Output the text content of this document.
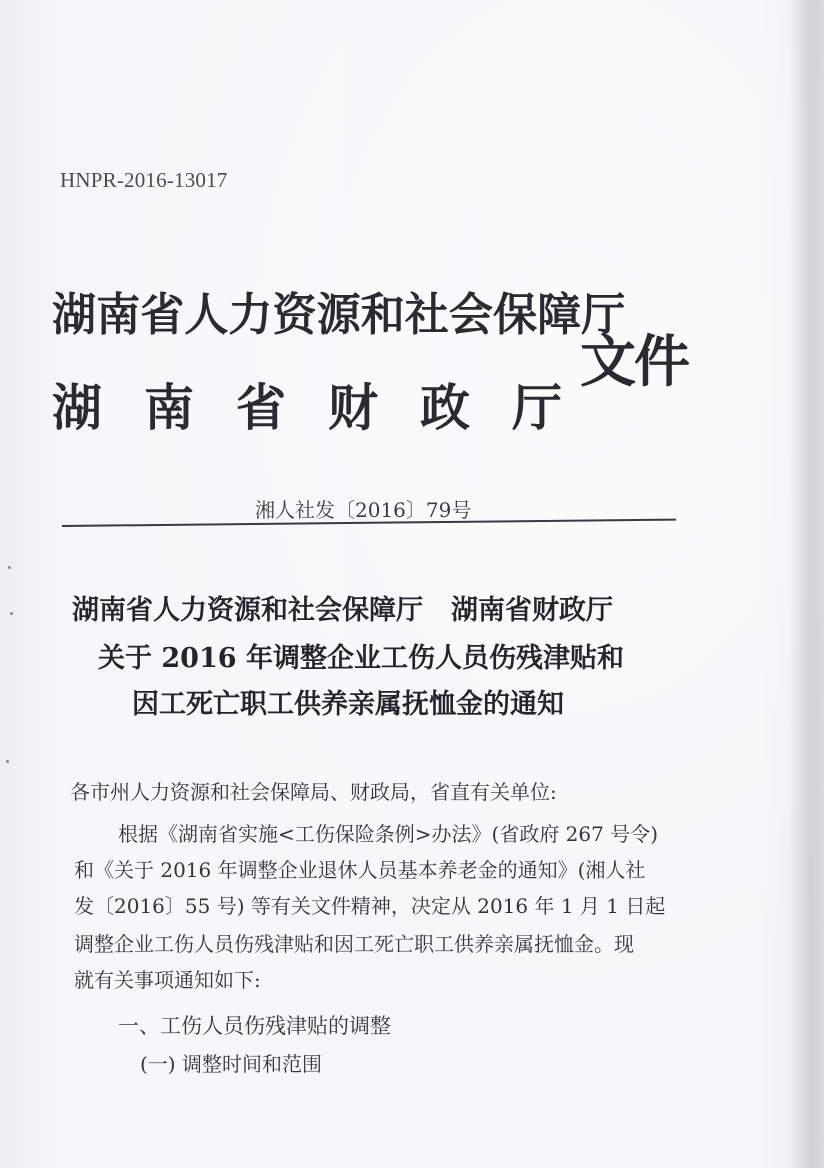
HNPR-2016-13017
湖南省人力资源和社会保障厅
湖 南 省 财 政 厅
文件
湘人社发〔2016〕79号
湖南省人力资源和社会保障厅 湖南省财政厅
关于 2016 年调整企业工伤人员伤残津贴和
因工死亡职工供养亲属抚恤金的通知
各市州人力资源和社会保障局、财政局，省直有关单位:
根据《湖南省实施<工伤保险条例>办法》(省政府 267 号令)
和《关于 2016 年调整企业退休人员基本养老金的通知》(湘人社
发〔2016〕55 号) 等有关文件精神，决定从 2016 年 1 月 1 日起
调整企业工伤人员伤残津贴和因工死亡职工供养亲属抚恤金。现
就有关事项通知如下:
一、工伤人员伤残津贴的调整
(一) 调整时间和范围
